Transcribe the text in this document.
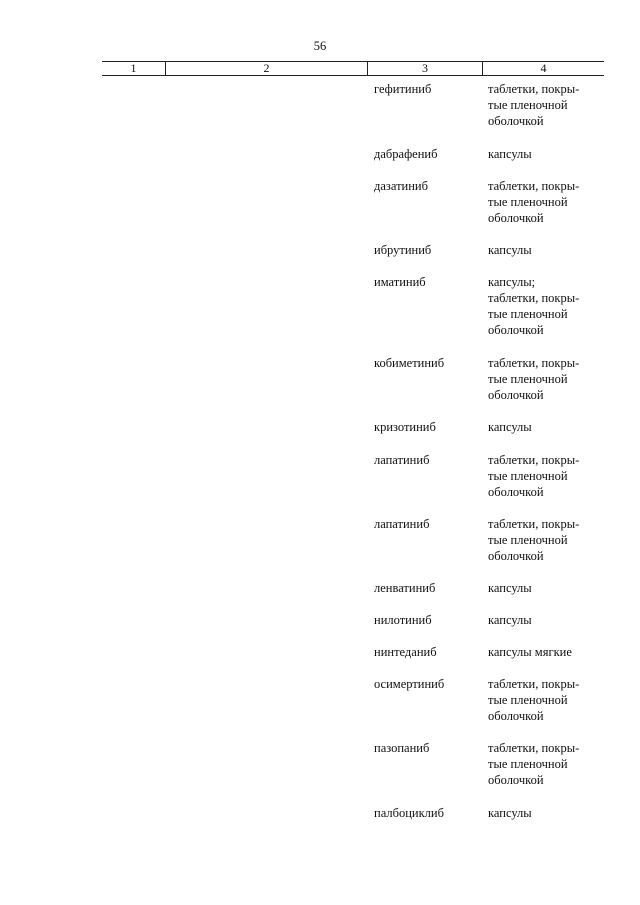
56
1	2	3	4
гефитиниб	таблетки, покры-
тые пленочной
оболочкой
дабрафениб	капсулы
дазатиниб	таблетки, покры-
тые пленочной
оболочкой
ибрутиниб	капсулы
иматиниб	капсулы;
таблетки, покры-
тые пленочной
оболочкой
кобиметиниб	таблетки, покры-
тые пленочной
оболочкой
кризотиниб	капсулы
лапатиниб	таблетки, покры-
тые пленочной
оболочкой
лапатиниб	таблетки, покры-
тые пленочной
оболочкой
ленватиниб	капсулы
нилотиниб	капсулы
нинтеданиб	капсулы мягкие
осимертиниб	таблетки, покры-
тые пленочной
оболочкой
пазопаниб	таблетки, покры-
тые пленочной
оболочкой
палбоциклиб	капсулы
